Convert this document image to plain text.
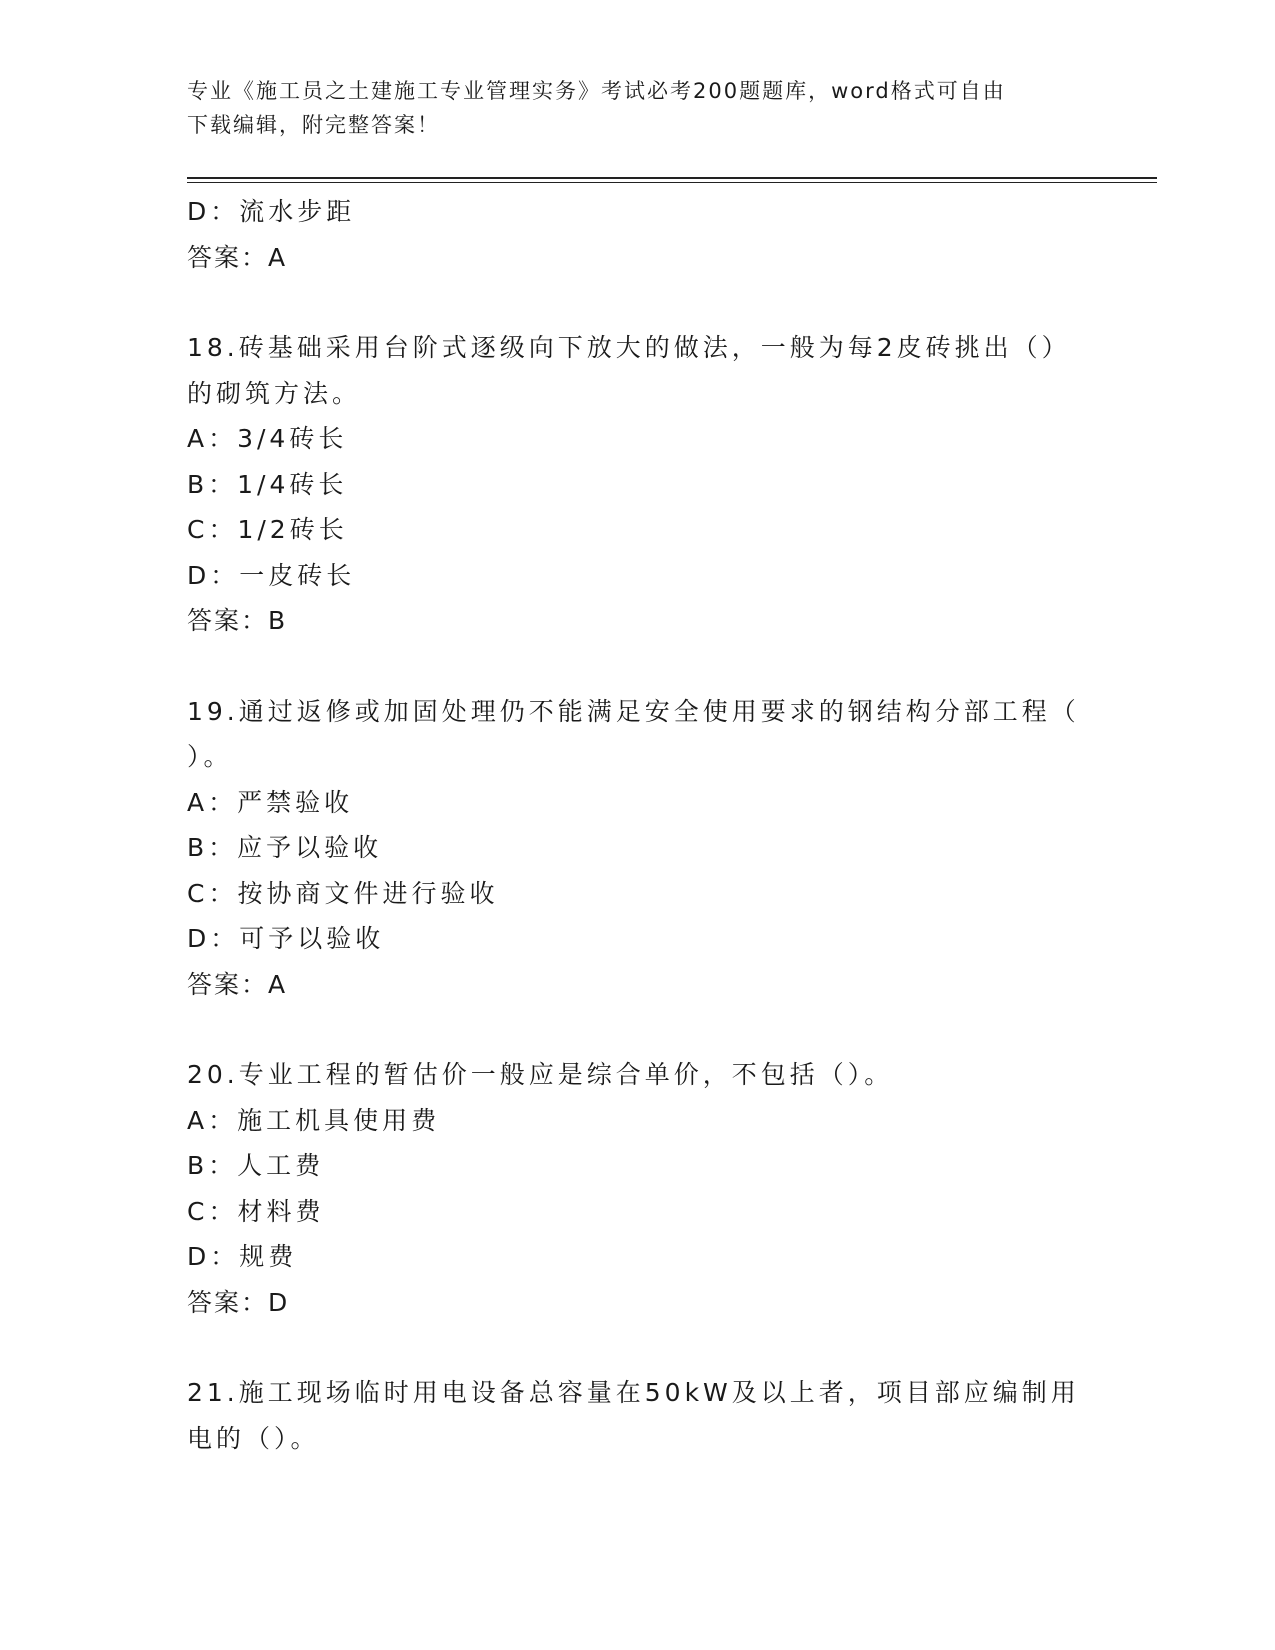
专业《施工员之土建施工专业管理实务》考试必考200题题库，word格式可自由
下载编辑，附完整答案！
D：流水步距
答案：A
18.砖基础采用台阶式逐级向下放大的做法，一般为每2皮砖挑出（）
的砌筑方法。
A：3/4砖长
B：1/4砖长
C：1/2砖长
D：一皮砖长
答案：B
19.通过返修或加固处理仍不能满足安全使用要求的钢结构分部工程（
）。
A：严禁验收
B：应予以验收
C：按协商文件进行验收
D：可予以验收
答案：A
20.专业工程的暂估价一般应是综合单价，不包括（）。
A：施工机具使用费
B：人工费
C：材料费
D：规费
答案：D
21.施工现场临时用电设备总容量在50kW及以上者，项目部应编制用
电的（）。
